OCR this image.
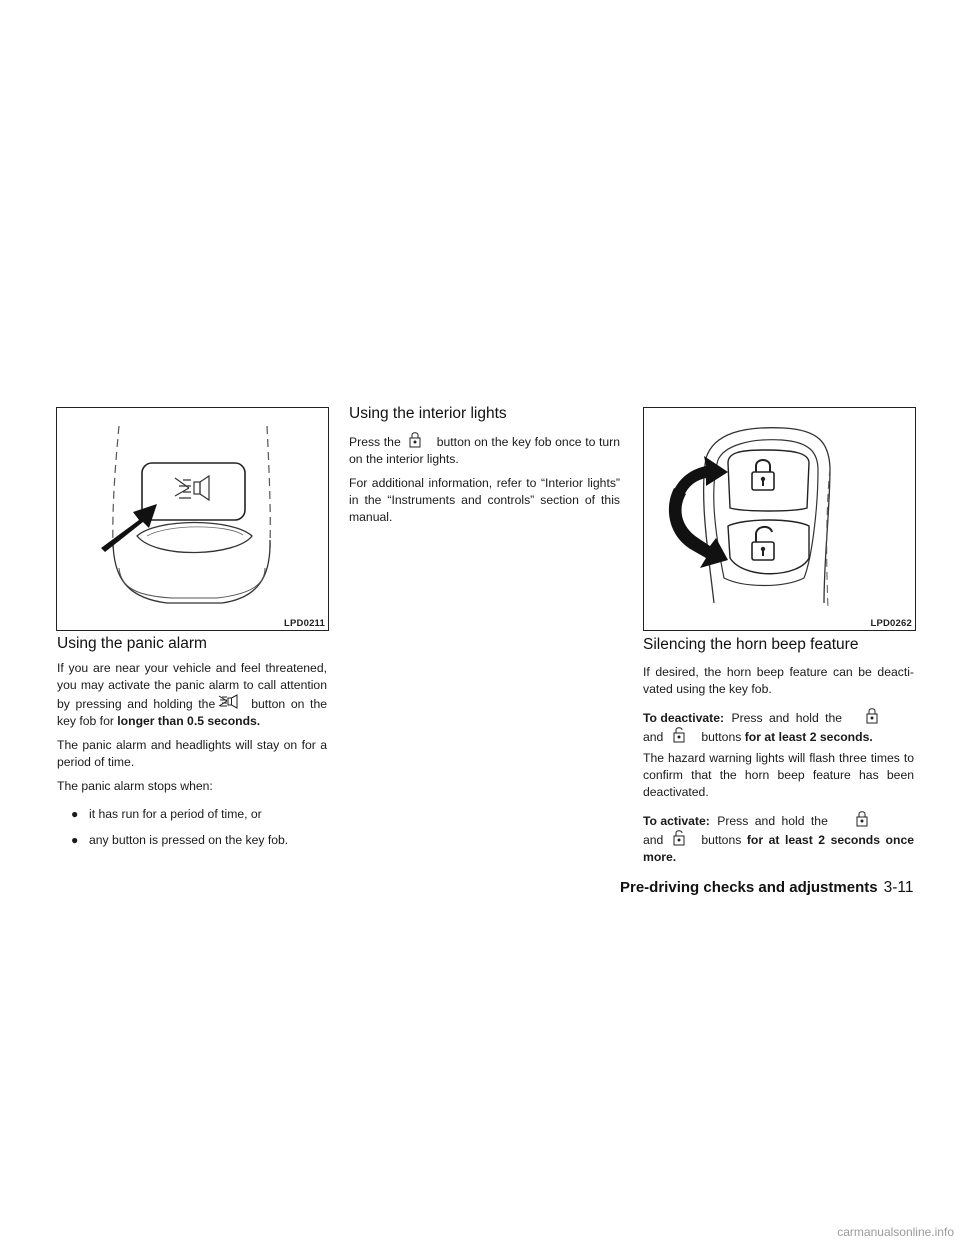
LPD0211	LPD0262
Using the panic alarm

If you are near your vehicle and feel threatened, you may activate the panic alarm to call attention by pressing and holding the	button on the key fob for longer than 0.5 seconds.

The panic alarm and headlights will stay on for a period of time.

The panic alarm stops when:

● it has run for a period of time, or
● any button is pressed on the key fob.
Using the interior lights

Press the	button on the key fob once to turn on the interior lights.

For additional information, refer to “Interior lights” in the “Instruments and controls” section of this manual.

Silencing the horn beep feature

If desired, the horn beep feature can be deacti-vated using the key fob.

To deactivate: Press and hold the
and	buttons for at least 2 seconds.

The hazard warning lights will flash three times to confirm that the horn beep feature has been deactivated.

To activate: Press and hold the
and	buttons for at least 2 seconds once more.

Pre-driving checks and adjustments 3-11
carmanualsonline.info
